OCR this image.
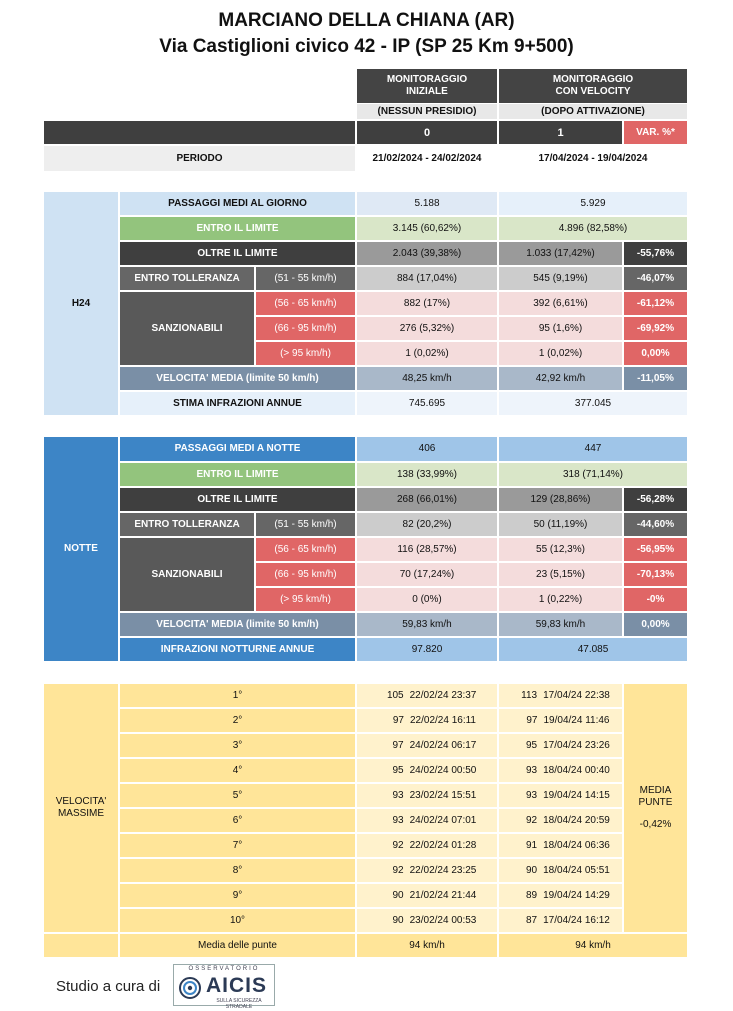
MARCIANO DELLA CHIANA (AR)
Via Castiglioni civico 42 - IP (SP 25 Km 9+500)
MONITORAGGIO
INIZIALE
MONITORAGGIO
CON VELOCITY
(NESSUN PRESIDIO)	(DOPO ATTIVAZIONE)
0	1	VAR. %*
PERIODO	21/02/2024 - 24/02/2024	17/04/2024 - 19/04/2024
H24
PASSAGGI MEDI AL GIORNO	5.188	5.929
ENTRO IL LIMITE	3.145 (60,62%)	4.896 (82,58%)
OLTRE IL LIMITE	2.043 (39,38%)	1.033 (17,42%)	-55,76%
ENTRO TOLLERANZA	(51 - 55 km/h)	884 (17,04%)	545 (9,19%)	-46,07%
SANZIONABILI
(56 - 65 km/h)	882 (17%)	392 (6,61%)	-61,12%
(66 - 95 km/h)	276 (5,32%)	95 (1,6%)	-69,92%
(> 95 km/h)	1 (0,02%)	1 (0,02%)	0,00%
VELOCITA' MEDIA (limite 50 km/h)	48,25 km/h	42,92 km/h	-11,05%
STIMA INFRAZIONI ANNUE	745.695	377.045
NOTTE
PASSAGGI MEDI A NOTTE	406	447
ENTRO IL LIMITE	138 (33,99%)	318 (71,14%)
OLTRE IL LIMITE	268 (66,01%)	129 (28,86%)	-56,28%
ENTRO TOLLERANZA	(51 - 55 km/h)	82 (20,2%)	50 (11,19%)	-44,60%
SANZIONABILI
(56 - 65 km/h)	116 (28,57%)	55 (12,3%)	-56,95%
(66 - 95 km/h)	70 (17,24%)	23 (5,15%)	-70,13%
(> 95 km/h)	0 (0%)	1 (0,22%)	-0%
VELOCITA' MEDIA (limite 50 km/h)	59,83 km/h	59,83 km/h	0,00%
INFRAZIONI NOTTURNE ANNUE	97.820	47.085
VELOCITA'
MASSIME
1°	105 22/02/24 23:37	113 17/04/24 22:38
2°	97 22/02/24 16:11	97 19/04/24 11:46
3°	97 24/02/24 06:17	95 17/04/24 23:26
4°	95 24/02/24 00:50	93 18/04/24 00:40
5°	93 23/02/24 15:51	93 19/04/24 14:15
6°	93 24/02/24 07:01	92 18/04/24 20:59
7°	92 22/02/24 01:28	91 18/04/24 06:36
8°	92 22/02/24 23:25	90 18/04/24 05:51
9°	90 21/02/24 21:44	89 19/04/24 14:29
10°	90 23/02/24 00:53	87 17/04/24 16:12
MEDIA
PUNTE
-0,42%
Media delle punte	94 km/h	94 km/h
Studio a cura di
OSSERVATORIO
AICIS
SULLA SICUREZZA STRADALE
